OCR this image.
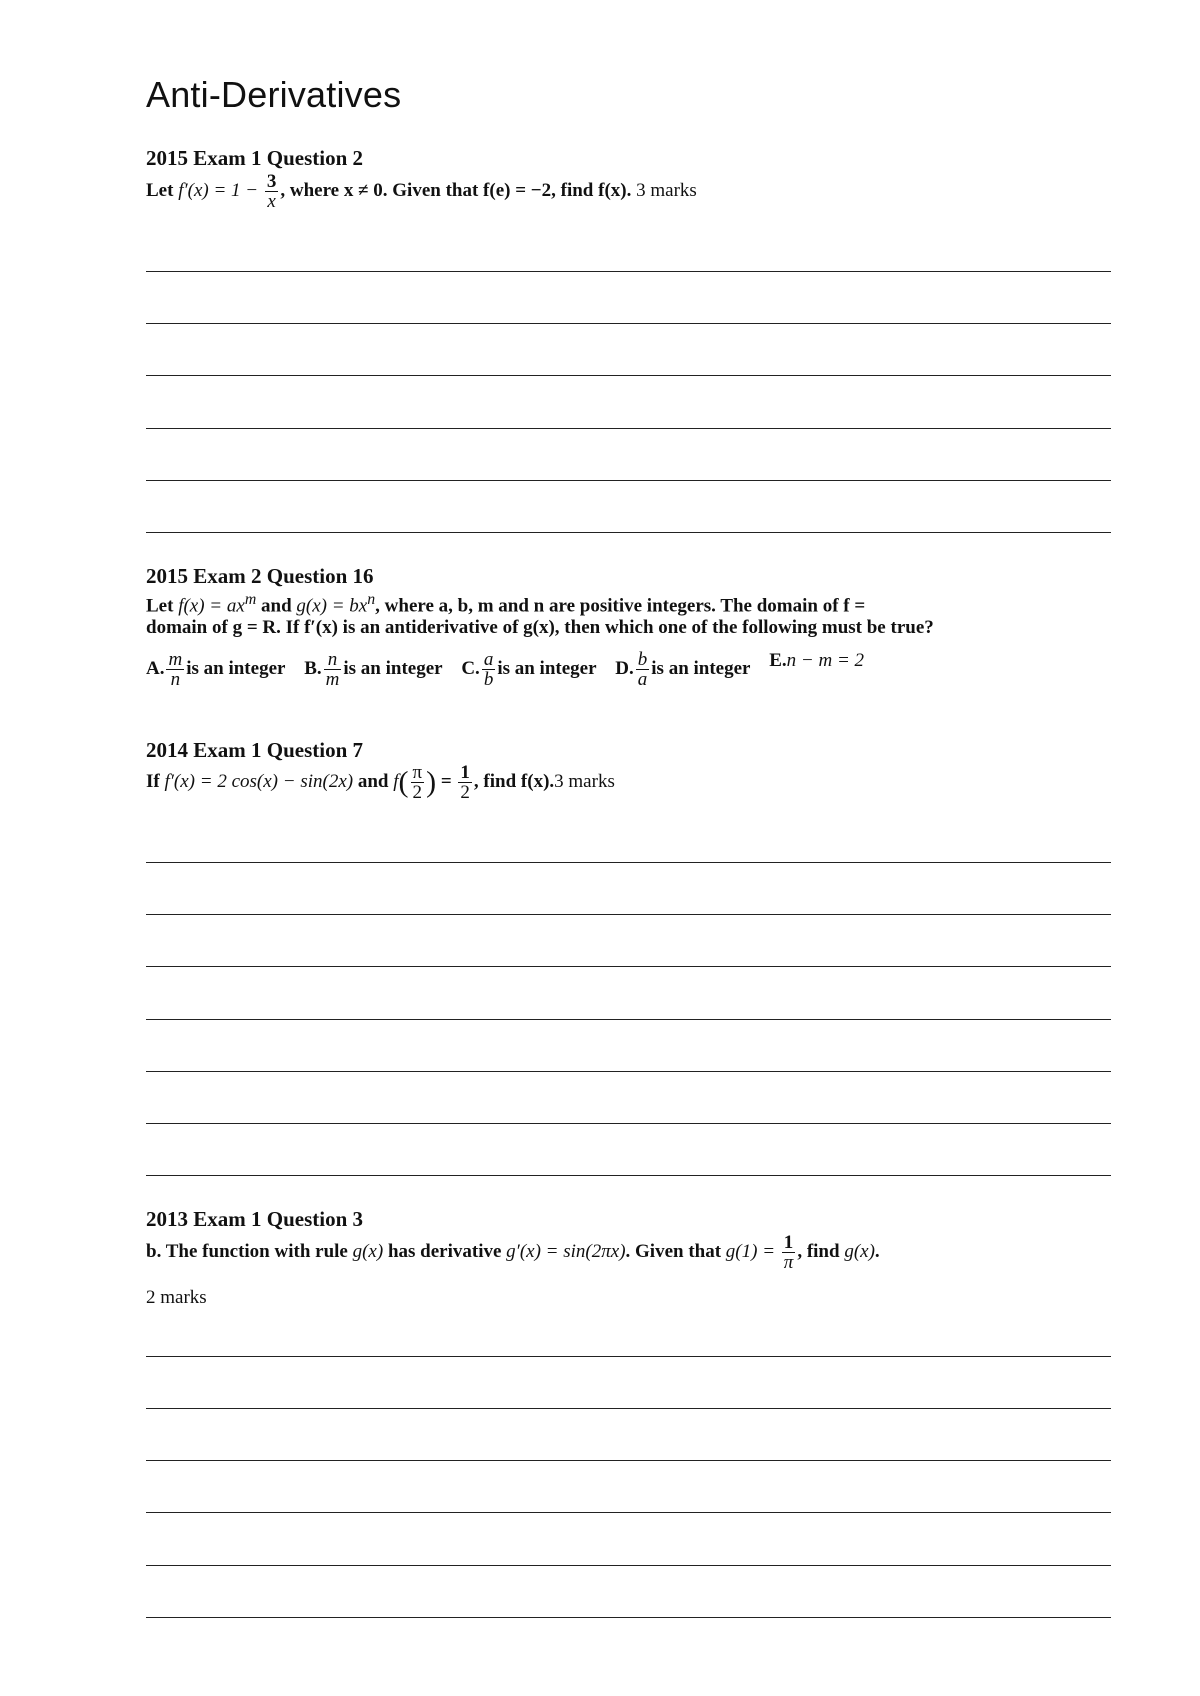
Anti-Derivatives
2015 Exam 1 Question 2
Let $f'(x) = 1 - \frac{3}{x}$ , where x ≠ 0. Given that f(e) = −2, find f(x). 3 marks
2015 Exam 2 Question 16
Let $f(x) = ax^m$ and $g(x) = bx^n$, where a, b, m and n are positive integers. The domain of f =
domain of g = R. If f′(x) is an antiderivative of g(x), then which one of the following must be true?
A. $\frac{m}{n}$ is an integer B. $\frac{n}{m}$ is an integer C. $\frac{a}{b}$ is an integer D. $\frac{b}{a}$ is an integer E.n − m = 2
2014 Exam 1 Question 7
If f′(x) = 2 cos(x) − sin(2x) and $f( \frac{\pi}{2}$ ) = $\frac{1}{2}$ , find f(x).3 marks
2013 Exam 1 Question 3
b. The function with rule g(x) has derivative g′(x) = sin(2πx). Given that $g(1) = \frac{1}{\pi}$ , find g(x).
2 marks
